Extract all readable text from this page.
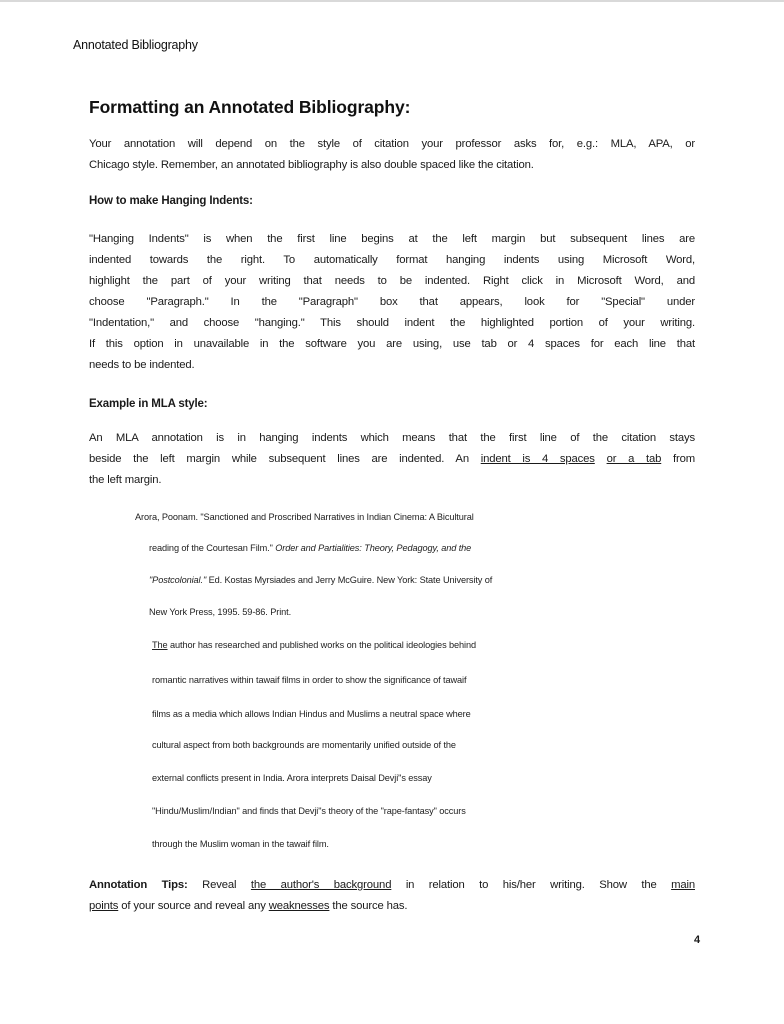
Annotated Bibliography
Formatting an Annotated Bibliography:
Your annotation will depend on the style of citation your professor asks for, e.g.: MLA, APA, or
Chicago style. Remember, an annotated bibliography is also double spaced like the citation.
How to make Hanging Indents:
"Hanging Indents" is when the first line begins at the left margin but subsequent lines are
indented towards the right. To automatically format hanging indents using Microsoft Word,
highlight the part of your writing that needs to be indented. Right click in Microsoft Word, and
choose "Paragraph." In the "Paragraph" box that appears, look for "Special" under
"Indentation," and choose "hanging." This should indent the highlighted portion of your writing.
If this option in unavailable in the software you are using, use tab or 4 spaces for each line that
needs to be indented.
Example in MLA style:
An MLA annotation is in hanging indents which means that the first line of the citation stays
beside the left margin while subsequent lines are indented. An indent is 4 spaces or a tab from
the left margin.
Arora, Poonam. "Sanctioned and Proscribed Narratives in Indian Cinema: A Bicultural
reading of the Courtesan Film." Order and Partialities: Theory, Pedagogy, and the
"Postcolonial." Ed. Kostas Myrsiades and Jerry McGuire. New York: State University of
New York Press, 1995. 59-86. Print.
The author has researched and published works on the political ideologies behind
romantic narratives within tawaif films in order to show the significance of tawaif
films as a media which allows Indian Hindus and Muslims a neutral space where
cultural aspect from both backgrounds are momentarily unified outside of the
external conflicts present in India. Arora interprets Daisal Devji"s essay
"Hindu/Muslim/Indian" and finds that Devji"s theory of the "rape-fantasy" occurs
through the Muslim woman in the tawaif film.
Annotation Tips: Reveal the author's background in relation to his/her writing. Show the main
points of your source and reveal any weaknesses the source has.
4
